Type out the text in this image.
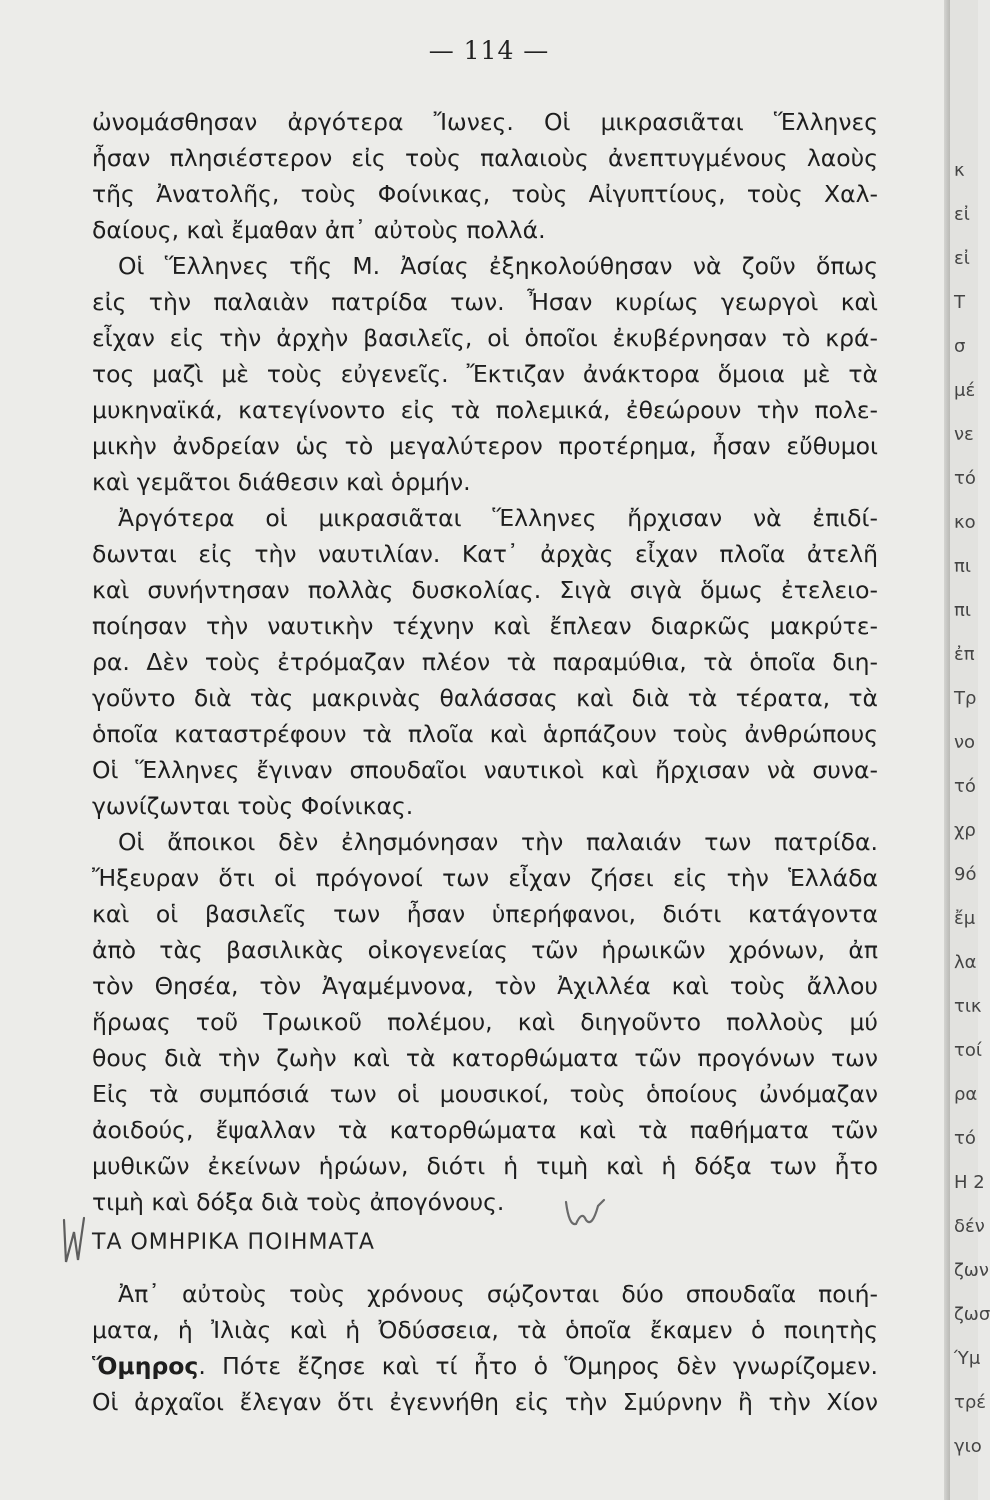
— 114 —
ὠνομάσθησαν ἀργότερα Ἴωνες. Οἱ μικρασιᾶται Ἕλληνες
ἦσαν πλησιέστερον εἰς τοὺς παλαιοὺς ἀνεπτυγμένους λαοὺς
τῆς Ἀνατολῆς, τοὺς Φοίνικας, τοὺς Αἰγυπτίους, τοὺς Χαλ-
δαίους, καὶ ἔμαθαν ἀπ᾽ αὐτοὺς πολλά.
Οἱ Ἕλληνες τῆς Μ. Ἀσίας ἐξηκολούθησαν νὰ ζοῦν ὅπως
εἰς τὴν παλαιὰν πατρίδα των. Ἦσαν κυρίως γεωργοὶ καὶ
εἶχαν εἰς τὴν ἀρχὴν βασιλεῖς, οἱ ὁποῖοι ἐκυβέρνησαν τὸ κρά-
τος μαζὶ μὲ τοὺς εὐγενεῖς. Ἔκτιζαν ἀνάκτορα ὅμοια μὲ τὰ
μυκηναϊκά, κατεγίνοντο εἰς τὰ πολεμικά, ἐθεώρουν τὴν πολε-
μικὴν ἀνδρείαν ὡς τὸ μεγαλύτερον προτέρημα, ἦσαν εὔθυμοι
καὶ γεμᾶτοι διάθεσιν καὶ ὁρμήν.
Ἀργότερα οἱ μικρασιᾶται Ἕλληνες ἤρχισαν νὰ ἐπιδί-
δωνται εἰς τὴν ναυτιλίαν. Κατ᾽ ἀρχὰς εἶχαν πλοῖα ἀτελῆ
καὶ συνήντησαν πολλὰς δυσκολίας. Σιγὰ σιγὰ ὅμως ἐτελειο-
ποίησαν τὴν ναυτικὴν τέχνην καὶ ἔπλεαν διαρκῶς μακρύτε-
ρα. Δὲν τοὺς ἐτρόμαζαν πλέον τὰ παραμύθια, τὰ ὁποῖα διη-
γοῦντο διὰ τὰς μακρινὰς θαλάσσας καὶ διὰ τὰ τέρατα, τὰ
ὁποῖα καταστρέφουν τὰ πλοῖα καὶ ἁρπάζουν τοὺς ἀνθρώπους
Οἱ Ἕλληνες ἔγιναν σπουδαῖοι ναυτικοὶ καὶ ἤρχισαν νὰ συνα-
γωνίζωνται τοὺς Φοίνικας.
Οἱ ἄποικοι δὲν ἐλησμόνησαν τὴν παλαιάν των πατρίδα.
Ἤξευραν ὅτι οἱ πρόγονοί των εἶχαν ζήσει εἰς τὴν Ἑλλάδα
καὶ οἱ βασιλεῖς των ἦσαν ὑπερήφανοι, διότι κατάγοντα
ἀπὸ τὰς βασιλικὰς οἰκογενείας τῶν ἡρωικῶν χρόνων, ἀπ
τὸν Θησέα, τὸν Ἀγαμέμνονα, τὸν Ἀχιλλέα καὶ τοὺς ἄλλου
ἥρωας τοῦ Τρωικοῦ πολέμου, καὶ διηγοῦντο πολλοὺς μύ
θους διὰ τὴν ζωὴν καὶ τὰ κατορθώματα τῶν προγόνων των
Εἰς τὰ συμπόσιά των οἱ μουσικοί, τοὺς ὁποίους ὠνόμαζαν
ἀοιδούς, ἔψαλλαν τὰ κατορθώματα καὶ τὰ παθήματα τῶν
μυθικῶν ἐκείνων ἡρώων, διότι ἡ τιμὴ καὶ ἡ δόξα των ἦτο
τιμὴ καὶ δόξα διὰ τοὺς ἀπογόνους.
ΤΑ ΟΜΗΡΙΚΑ ΠΟΙΗΜΑΤΑ
Ἀπ᾽ αὐτοὺς τοὺς χρόνους σῴζονται δύο σπουδαῖα ποιή-
ματα, ἡ Ἰλιὰς καὶ ἡ Ὀδύσσεια, τὰ ὁποῖα ἔκαμεν ὁ ποιητὴς
Ὅμηρος. Πότε ἔζησε καὶ τί ἦτο ὁ Ὅμηρος δὲν γνωρίζομεν.
Οἱ ἀρχαῖοι ἔλεγαν ὅτι ἐγεννήθη εἰς τὴν Σμύρνην ἢ τὴν Χίον
κ
εἰ
εἰ
Τ
σ
μέ
νε
τό
κο
πι
πι
ἐπ
Τρ
νο
τό
χρ
9ό
ἔμ
λα
τικ
τοί
ρα
τό
Η 2
δέν
ζων
ζωσ
Ύμ
τρέ
γιο
